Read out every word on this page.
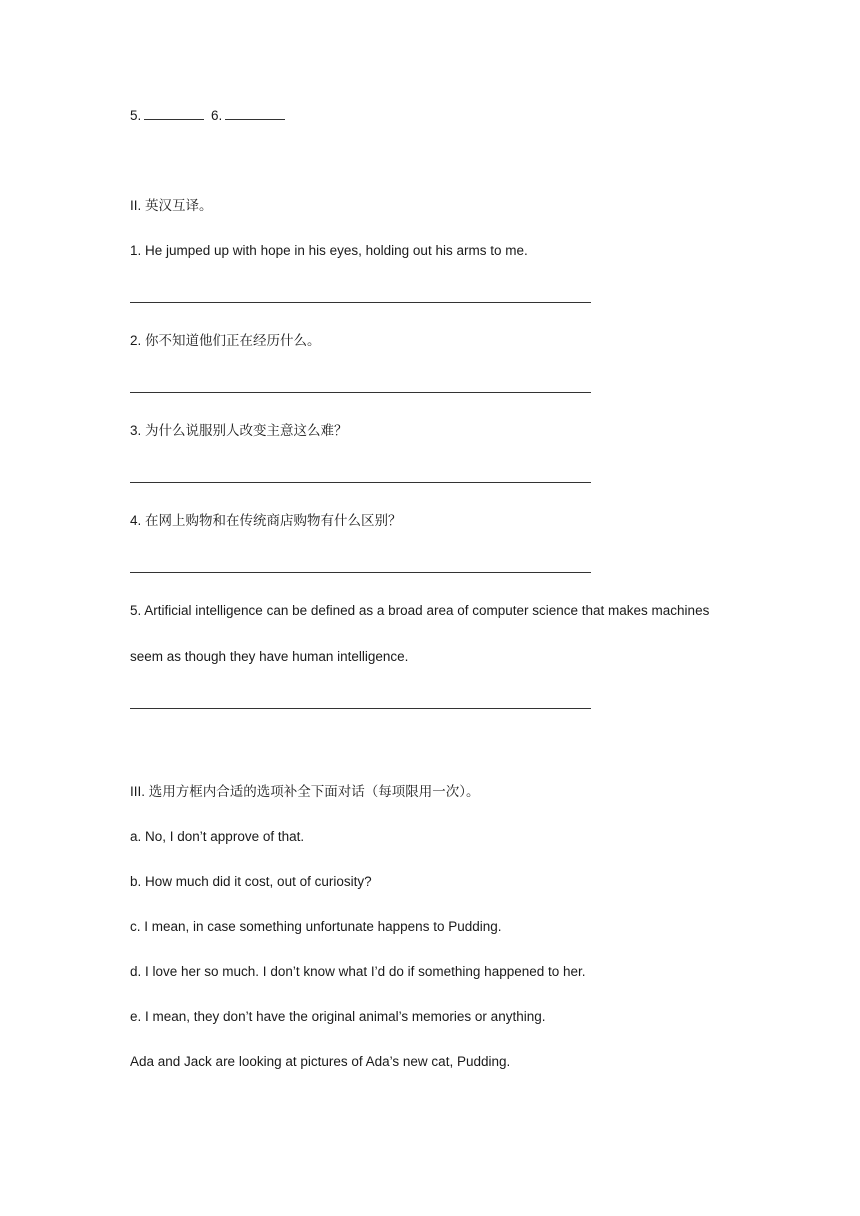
5.	6.
II. 英汉互译。
1. He jumped up with hope in his eyes, holding out his arms to me.
2. 你不知道他们正在经历什么。
3. 为什么说服别人改变主意这么难？
4. 在网上购物和在传统商店购物有什么区别？
5. Artificial intelligence can be defined as a broad area of computer science that makes machines
seem as though they have human intelligence.
III. 选用方框内合适的选项补全下面对话（每项限用一次）。
a. No, I don’t approve of that.
b. How much did it cost, out of curiosity?
c. I mean, in case something unfortunate happens to Pudding.
d. I love her so much. I don’t know what I’d do if something happened to her.
e. I mean, they don’t have the original animal’s memories or anything.
Ada and Jack are looking at pictures of Ada’s new cat, Pudding.
